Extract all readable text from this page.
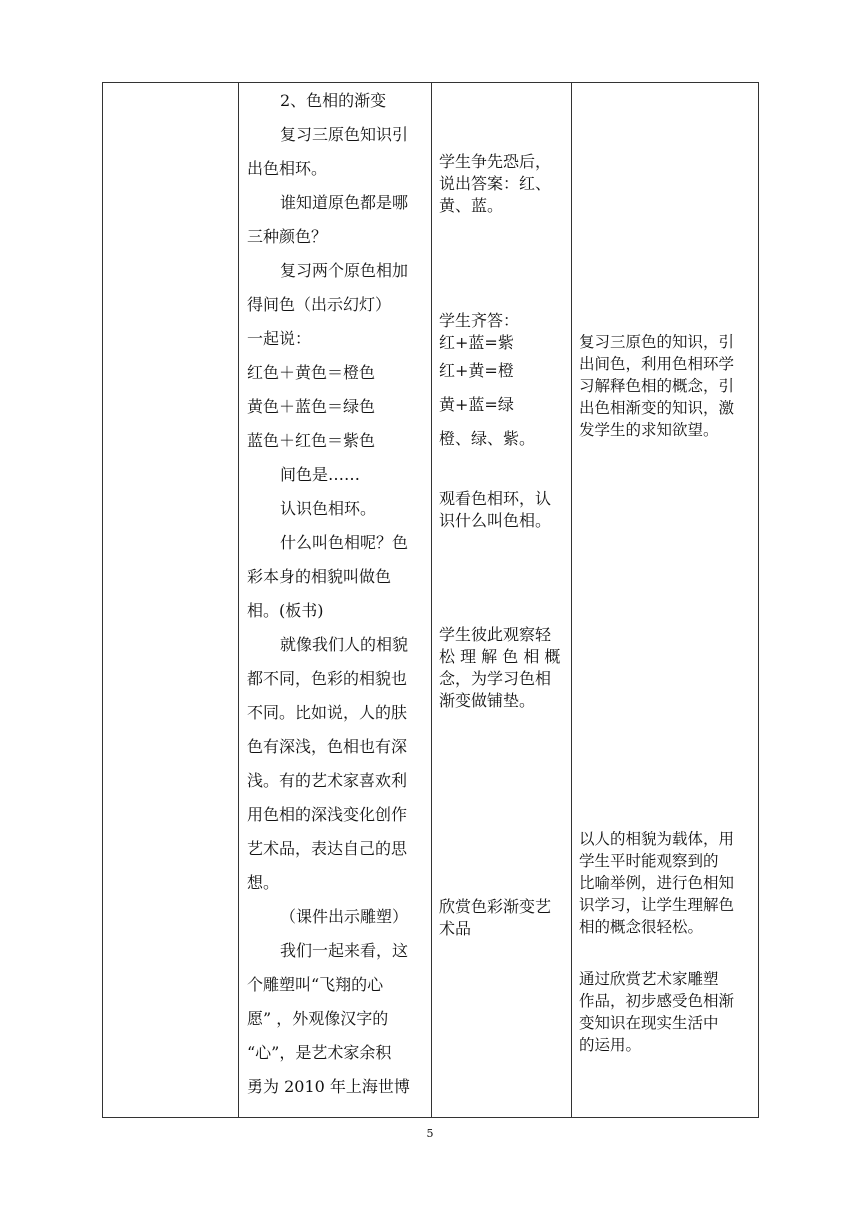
2、色相的渐变
复习三原色知识引
出色相环。
谁知道原色都是哪
三种颜色？
复习两个原色相加
得间色（出示幻灯）
一起说：
红色＋黄色＝橙色
黄色＋蓝色＝绿色
蓝色＋红色＝紫色
间色是……
认识色相环。
什么叫色相呢？色
彩本身的相貌叫做色
相。(板书)
就像我们人的相貌
都不同，色彩的相貌也
不同。比如说，人的肤
色有深浅，色相也有深
浅。有的艺术家喜欢利
用色相的深浅变化创作
艺术品，表达自己的思
想。
（课件出示雕塑）
我们一起来看，这
个雕塑叫“飞翔的心
愿” ，外观像汉字的
“心”，是艺术家余积
勇为 2010 年上海世博
学生争先恐后，
说出答案：红、
黄、蓝。
学生齐答：
红+蓝=紫
红+黄=橙
黄+蓝=绿
橙、绿、紫。
观看色相环，认
识什么叫色相。
学生彼此观察轻
松 理 解 色 相 概
念，为学习色相
渐变做铺垫。
欣赏色彩渐变艺
术品
复习三原色的知识，引
出间色，利用色相环学
习解释色相的概念，引
出色相渐变的知识，激
发学生的求知欲望。
以人的相貌为载体，用
学生平时能观察到的
比喻举例，进行色相知
识学习，让学生理解色
相的概念很轻松。
通过欣赏艺术家雕塑
作品，初步感受色相渐
变知识在现实生活中
的运用。
5
